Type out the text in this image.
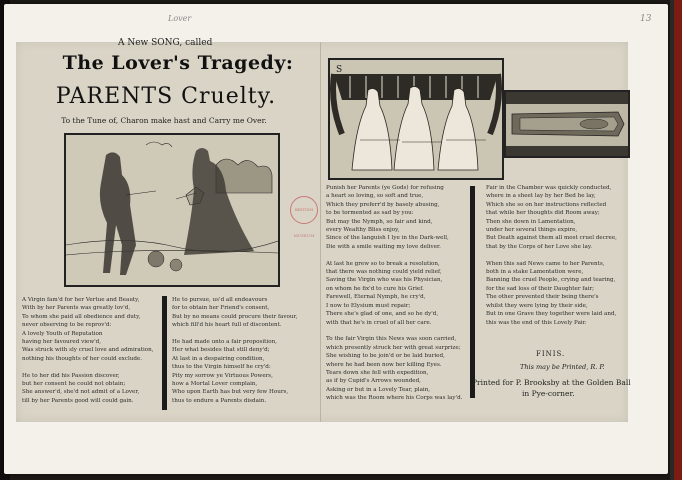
Lover	13
A New SONG, called
The Lover's Tragedy:
PARENTS Cruelty.
To the Tune of, Charon make hast and Carry me Over.
S
BRITISH MUSEUM
A Virgin fam'd for her Vertue and Beauty,
With by her Parents was greatly lov'd,
To whom she paid all obedience and duty,
never observing to be reprov'd:
A lovely Youth of Reputation
having her favoured view'd,
Was struck with sly cruel love and admiration,
nothing his thoughts of her could exclude.

He to her did his Passion discover,
but her consent he could not obtain;
She answer'd, she'd not admit of a Lover,
till by her Parents good will could gain.
He to pursue, us'd all endeavours
for to obtain her Friend's consent,
But by no means could procure their favour,
which fill'd his heart full of discontent.

He had made unto a fair proposition,
Her what besides that still deny'd;
At last in a despairing condition,
thus to the Virgin himself he cry'd:
Pity my sorrow ye Virtuous Powers,
how a Mortal Lover complain,
Who upon Earth has but very few Hours,
thus to endure a Parents disdain.
Punish her Parents (ye Gods) for refusing
a heart so loving, so soft and true,
Which they preferr'd by basely abusing,
to be tormented as sad by you:
But may the Nymph, so fair and kind,
every Wealthy Bliss enjoy,
Since of the languish I lye in the Dark-well,
Die with a smile waiting my love deliver.

At last he grew so to break a resolution,
that there was nothing could yield relief,
Saving the Virgin who was his Physician,
on whom he fix'd to cure his Grief.
Farewell, Eternal Nymph, he cry'd,
I now to Elysium must repair;
There she's glad of one, and so he dy'd,
with that he's in cruel of all her care.

To the fair Virgin this News was soon carried,
which presently struck her with great surprize;
She wishing to be join'd or be laid buried,
where he had been now her killing Eyes.
Tears down she fell with expedition,
as if by Cupid's Arrows wounded,
Asking or but in a Lovely Tear, plain,
which was the Room where his Corps was lay'd.
Fair in the Chamber was quickly conducted,
where in a sheet lay by her Bed he lay,
Which she so on her instructions reflected
that while her thoughts did Room away;
Then she down in Lamentation,
under her several things expire,
But Death against them all most cruel decree,
that by the Corps of her Love she lay.

When this sad News came to her Parents,
both in a stake Lamentation were,
Banning the cruel People, crying and tearing,
for the sad loss of their Daughter fair;
The other prevented their being there's
whilst they were lying by their side,
But in one Grave they together were laid and,
this was the end of this Lovely Pair.
FINIS.
This may be Printed, R. P.
Printed for P. Brooksby at the Golden Ball
in Pye-corner.
